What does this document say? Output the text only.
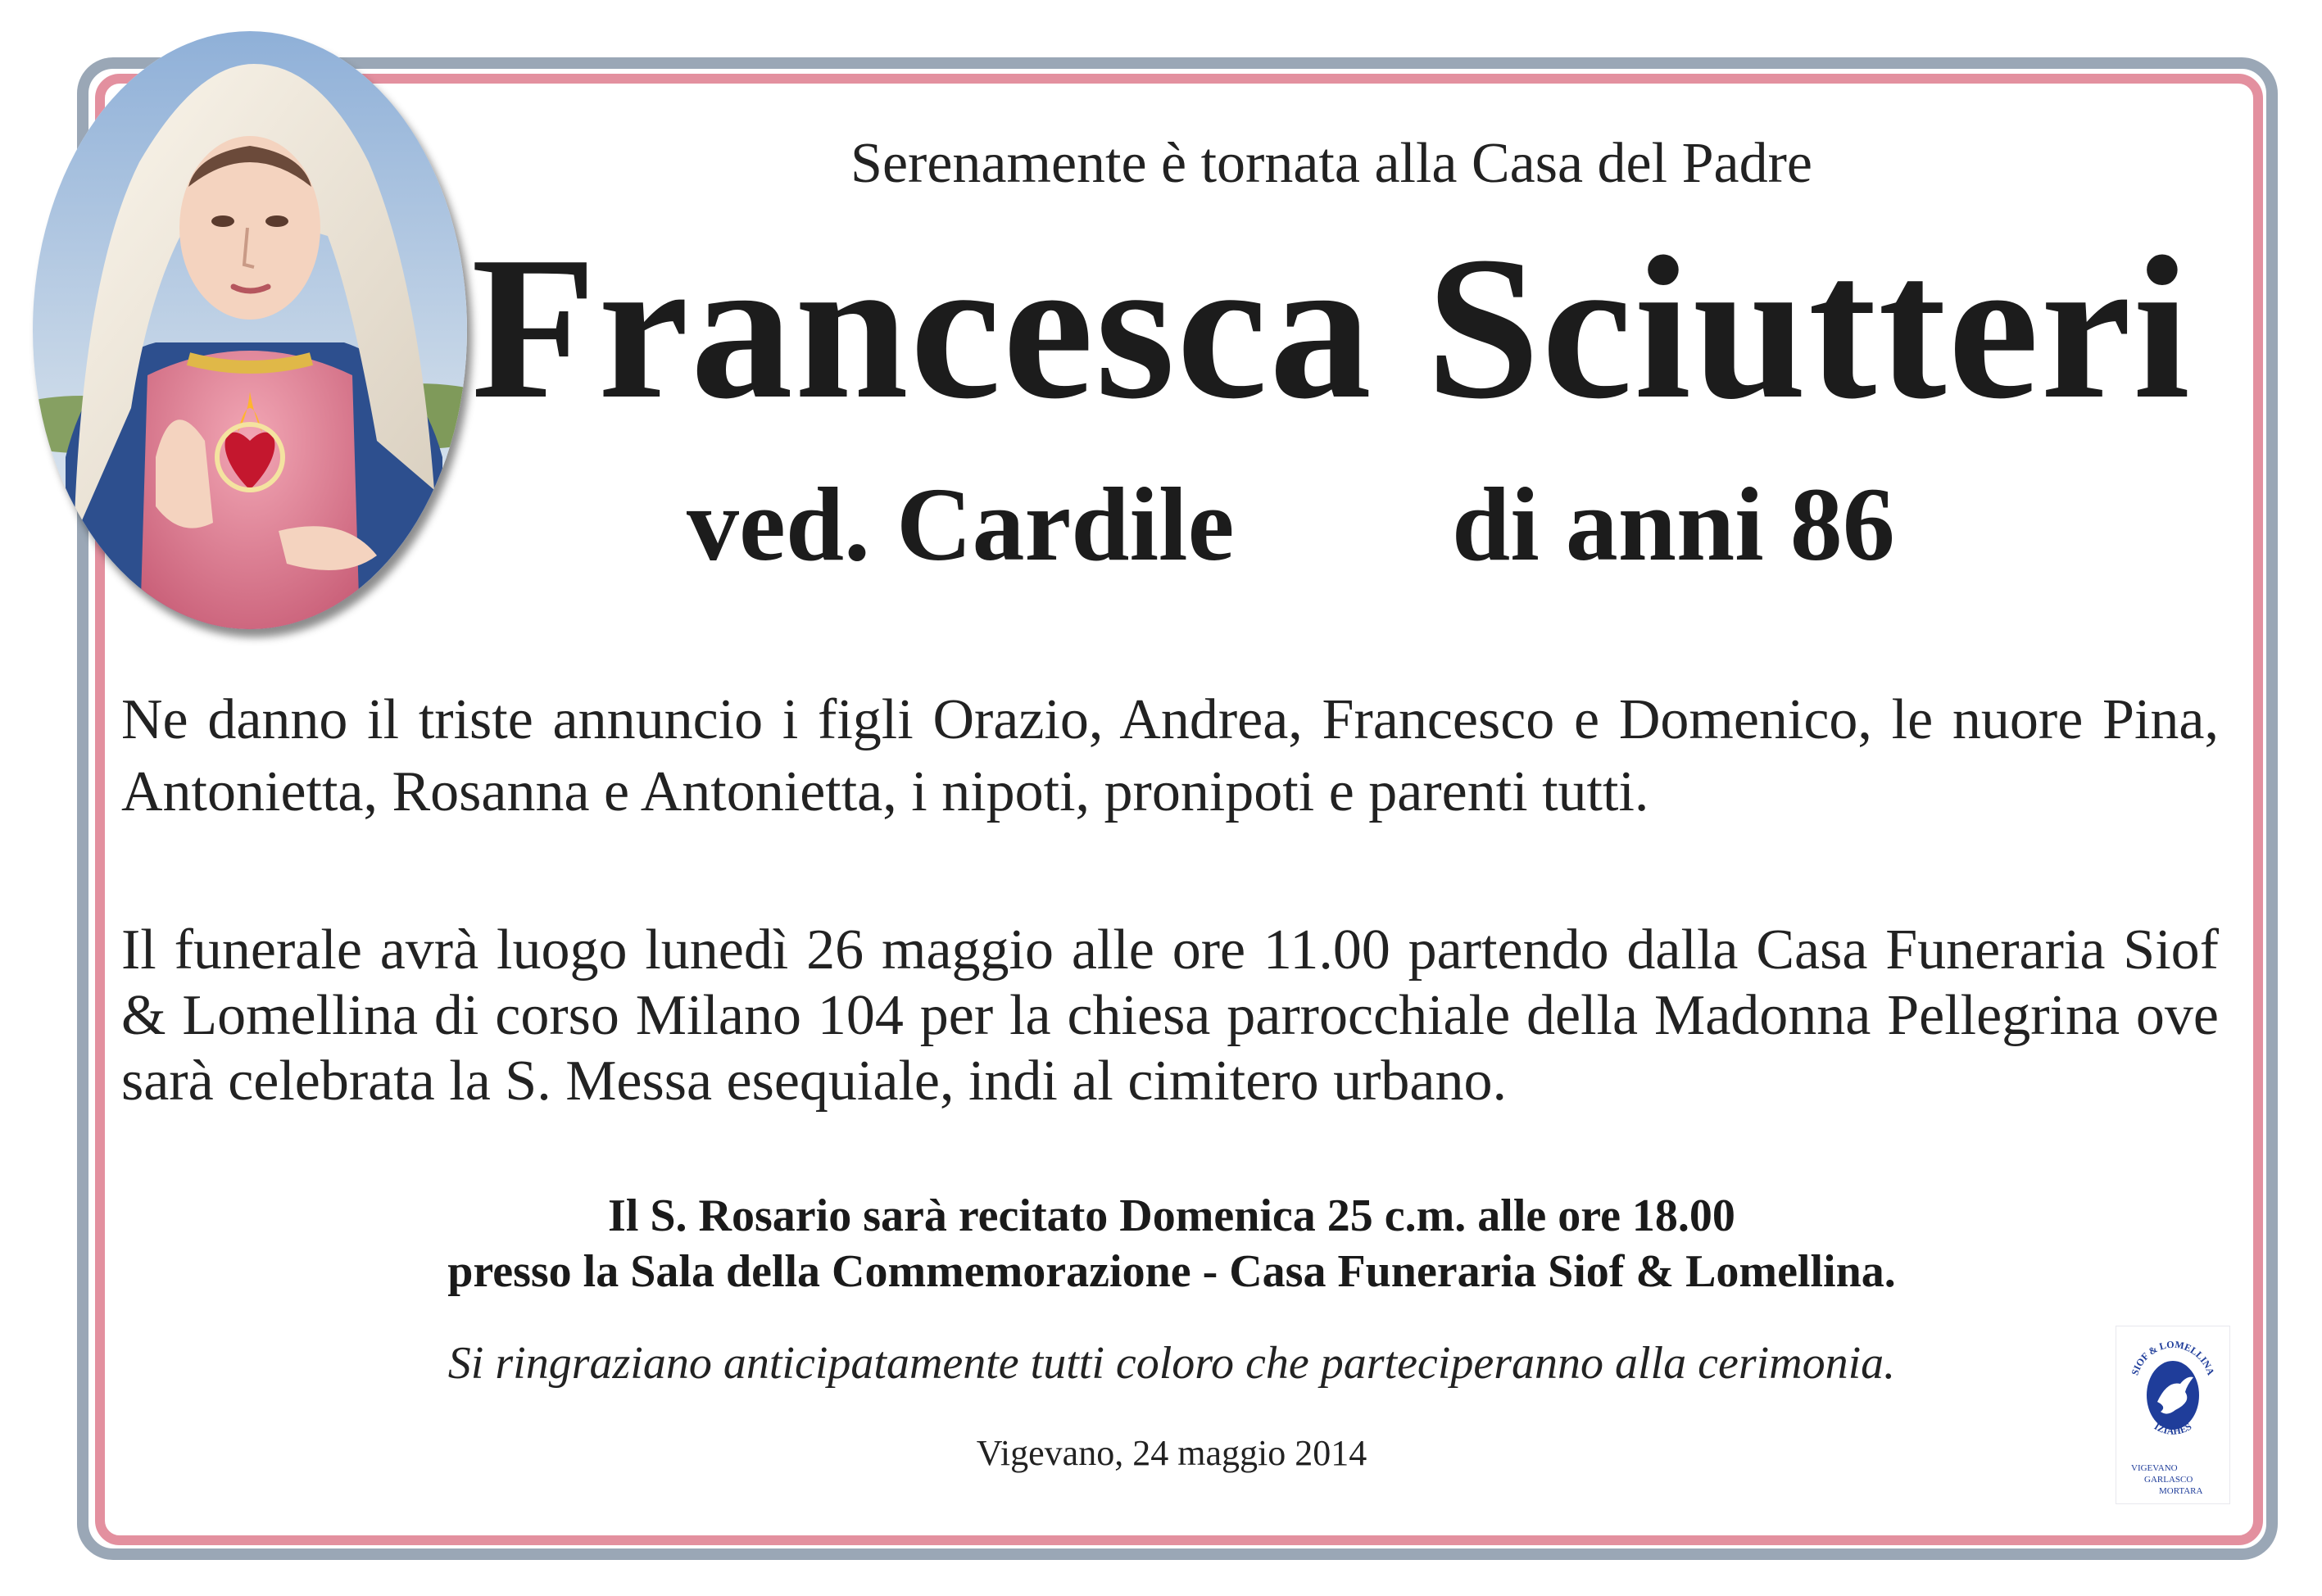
Serenamente è tornata alla Casa del Padre
Francesca Sciutteri
ved. Cardile di anni 86
Ne danno il triste annuncio i figli Orazio, Andrea, Francesco e Domenico, le nuore Pina, Antonietta, Rosanna e Antonietta, i nipoti, pronipoti e parenti tutti.
Il funerale avrà luogo lunedì 26 maggio alle ore 11.00 partendo dalla Casa Funeraria Siof & Lomellina di corso Milano 104 per la chiesa parrocchiale della Madonna Pellegrina ove sarà celebrata la S. Messa esequiale, indi al cimitero urbano.
Il S. Rosario sarà recitato Domenica 25 c.m. alle ore 18.00
presso la Sala della Commemorazione - Casa Funeraria Siof & Lomellina.
Si ringraziano anticipatamente tutti coloro che parteciperanno alla cerimonia.
Vigevano, 24 maggio 2014
SIOF & LOMELLINA
IZIAHES
VIGEVANO
GARLASCO
MORTARA
